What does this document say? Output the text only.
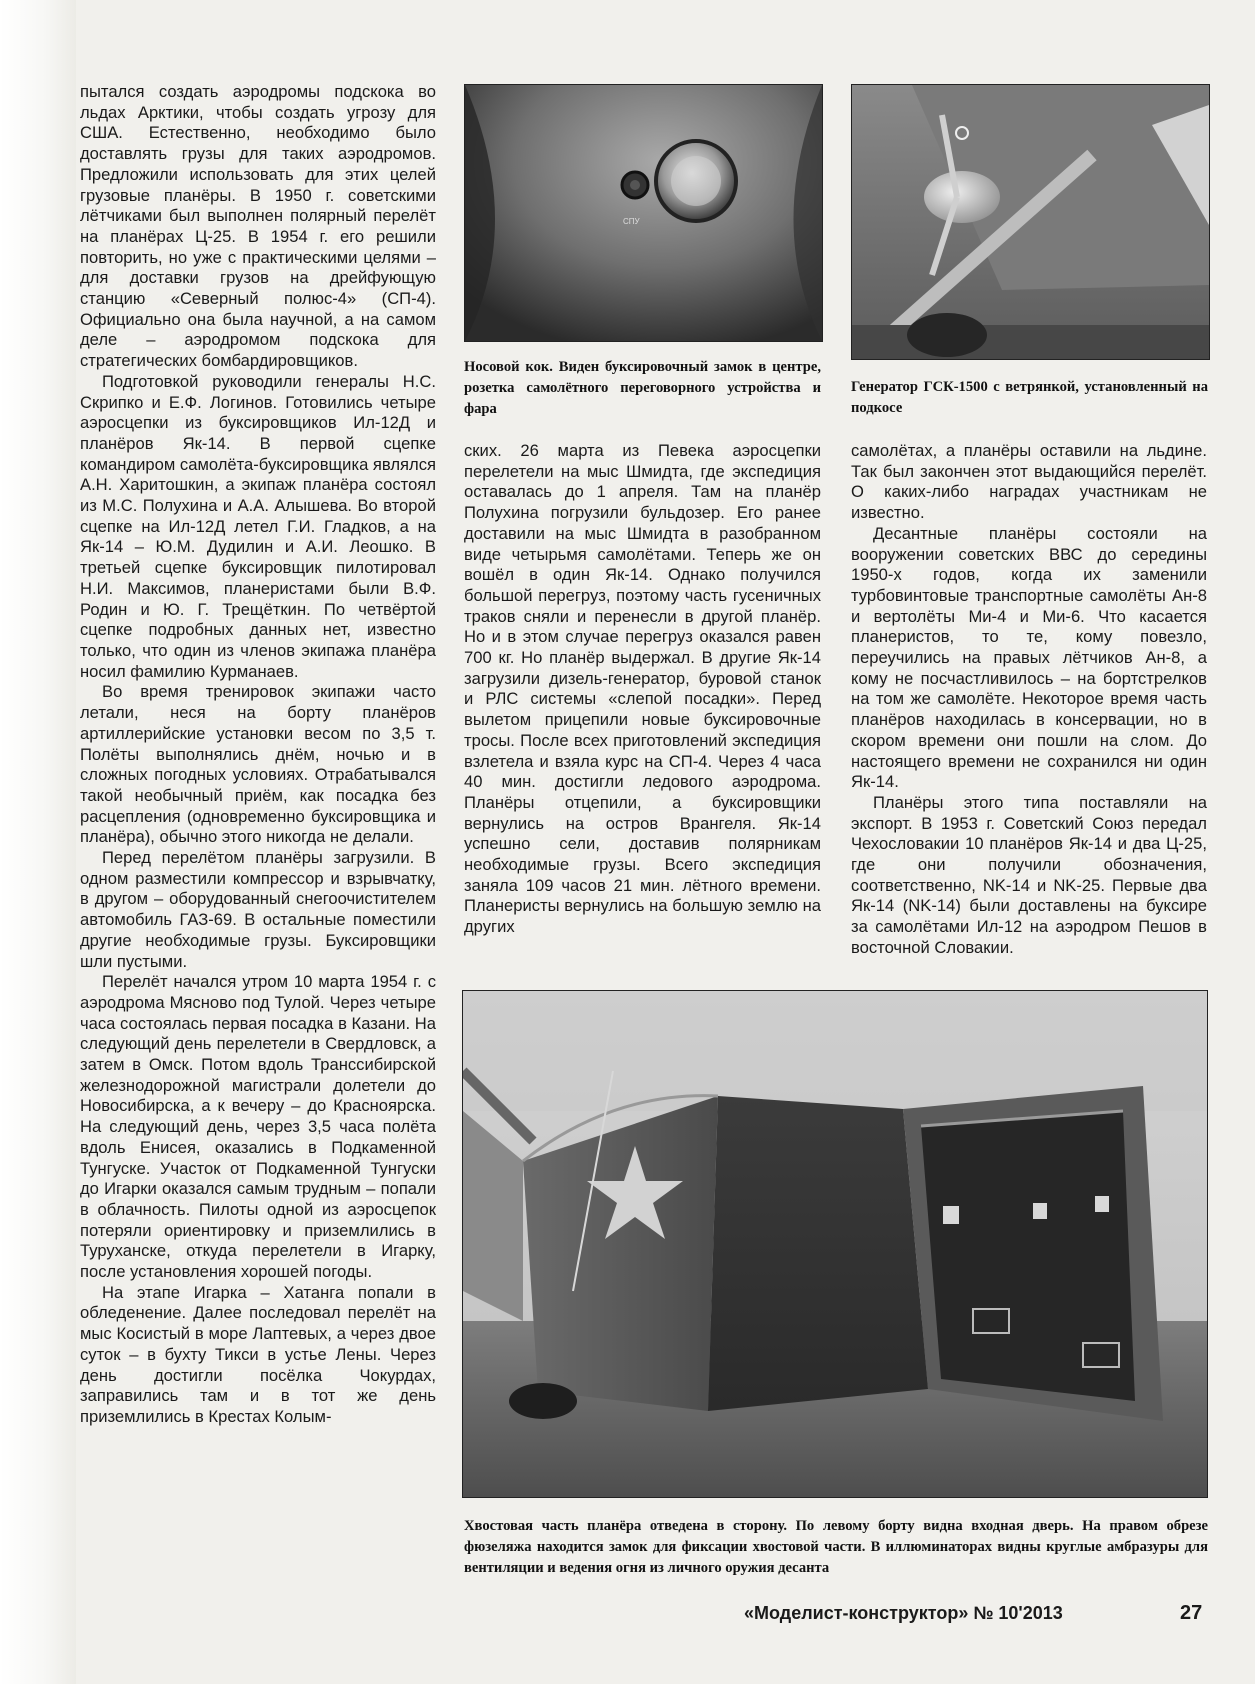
пытался создать аэродромы подскока во льдах Арктики, чтобы создать угрозу для США. Естественно, необходимо было доставлять грузы для таких аэродромов. Предложили использовать для этих целей грузовые планёры. В 1950 г. советскими лётчиками был выполнен полярный перелёт на планёрах Ц-25. В 1954 г. его решили повторить, но уже с практическими целями – для доставки грузов на дрейфующую станцию «Северный полюс-4» (СП-4). Официально она была научной, а на самом деле – аэродромом подскока для стратегических бомбардировщиков.

Подготовкой руководили генералы Н.С. Скрипко и Е.Ф. Логинов. Готовились четыре аэросцепки из буксировщиков Ил-12Д и планёров Як-14. В первой сцепке командиром самолёта-буксировщика являлся А.Н. Харитошкин, а экипаж планёра состоял из М.С. Полухина и А.А. Алышева. Во второй сцепке на Ил-12Д летел Г.И. Гладков, а на Як-14 – Ю.М. Дудилин и А.И. Леошко. В третьей сцепке буксировщик пилотировал Н.И. Максимов, планеристами были В.Ф. Родин и Ю. Г. Трещёткин. По четвёртой сцепке подробных данных нет, известно только, что один из членов экипажа планёра носил фамилию Курманаев.

Во время тренировок экипажи часто летали, неся на борту планёров артиллерийские установки весом по 3,5 т. Полёты выполнялись днём, ночью и в сложных погодных условиях. Отрабатывался такой необычный приём, как посадка без расцепления (одновременно буксировщика и планёра), обычно этого никогда не делали.

Перед перелётом планёры загрузили. В одном разместили компрессор и взрывчатку, в другом – оборудованный снегоочистителем автомобиль ГАЗ-69. В остальные поместили другие необходимые грузы. Буксировщики шли пустыми.

Перелёт начался утром 10 марта 1954 г. с аэродрома Мясново под Тулой. Через четыре часа состоялась первая посадка в Казани. На следующий день перелетели в Свердловск, а затем в Омск. Потом вдоль Транссибирской железнодорожной магистрали долетели до Новосибирска, а к вечеру – до Красноярска. На следующий день, через 3,5 часа полёта вдоль Енисея, оказались в Подкаменной Тунгуске. Участок от Подкаменной Тунгуски до Игарки оказался самым трудным – попали в облачность. Пилоты одной из аэросцепок потеряли ориентировку и приземлились в Туруханске, откуда перелетели в Игарку, после установления хорошей погоды.

На этапе Игарка – Хатанга попали в обледенение. Далее последовал перелёт на мыс Косистый в море Лаптевых, а через двое суток – в бухту Тикси в устье Лены. Через день достигли посёлка Чокурдах, заправились там и в тот же день приземлились в Крестах Колым-

СПУ
Носовой кок. Виден буксировочный замок в центре, розетка самолётного переговорного устройства и фара
Генератор ГСК-1500 с ветрянкой, установленный на подкосе

ских. 26 марта из Певека аэросцепки перелетели на мыс Шмидта, где экспедиция оставалась до 1 апреля. Там на планёр Полухина погрузили бульдозер. Его ранее доставили на мыс Шмидта в разобранном виде четырьмя самолётами. Теперь же он вошёл в один Як-14. Однако получился большой перегруз, поэтому часть гусеничных траков сняли и перенесли в другой планёр. Но и в этом случае перегруз оказался равен 700 кг. Но планёр выдержал. В другие Як-14 загрузили дизель-генератор, буровой станок и РЛС системы «слепой посадки». Перед вылетом прицепили новые буксировочные тросы. После всех приготовлений экспедиция взлетела и взяла курс на СП-4. Через 4 часа 40 мин. достигли ледового аэродрома. Планёры отцепили, а буксировщики вернулись на остров Врангеля. Як-14 успешно сели, доставив полярникам необходимые грузы. Всего экспедиция заняла 109 часов 21 мин. лётного времени. Планеристы вернулись на большую землю на других

самолётах, а планёры оставили на льдине. Так был закончен этот выдающийся перелёт. О каких-либо наградах участникам не известно.

Десантные планёры состояли на вооружении советских ВВС до середины 1950-х годов, когда их заменили турбовинтовые транспортные самолёты Ан-8 и вертолёты Ми-4 и Ми-6. Что касается планеристов, то те, кому повезло, переучились на правых лётчиков Ан-8, а кому не посчастливилось – на бортстрелков на том же самолёте. Некоторое время часть планёров находилась в консервации, но в скором времени они пошли на слом. До настоящего времени не сохранился ни один Як-14.

Планёры этого типа поставляли на экспорт. В 1953 г. Советский Союз передал Чехословакии 10 планёров Як-14 и два Ц-25, где они получили обозначения, соответственно, NK-14 и NK-25. Первые два Як-14 (NK-14) были доставлены на буксире за самолётами Ил-12 на аэродром Пешов в восточной Словакии.

Хвостовая часть планёра отведена в сторону. По левому борту видна входная дверь. На правом обрезе фюзеляжа находится замок для фиксации хвостовой части. В иллюминаторах видны круглые амбразуры для вентиляции и ведения огня из личного оружия десанта
«Моделист-конструктор» № 10'2013	27
